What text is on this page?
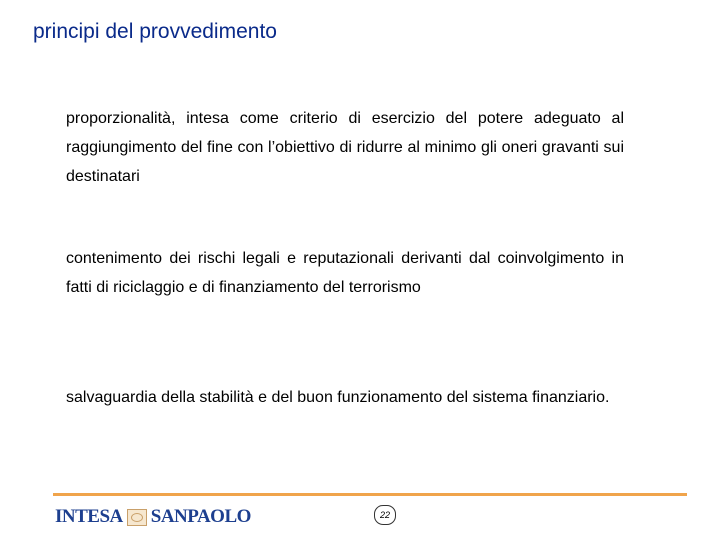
principi del provvedimento

proporzionalità, intesa come criterio di esercizio del potere adeguato al raggiungimento del fine con l’obiettivo di ridurre al minimo gli oneri gravanti sui destinatari

contenimento dei rischi legali e reputazionali derivanti dal coinvolgimento in fatti di riciclaggio e di finanziamento del terrorismo

salvaguardia della stabilità e del buon funzionamento del sistema finanziario.

INTESA SANPAOLO	22
